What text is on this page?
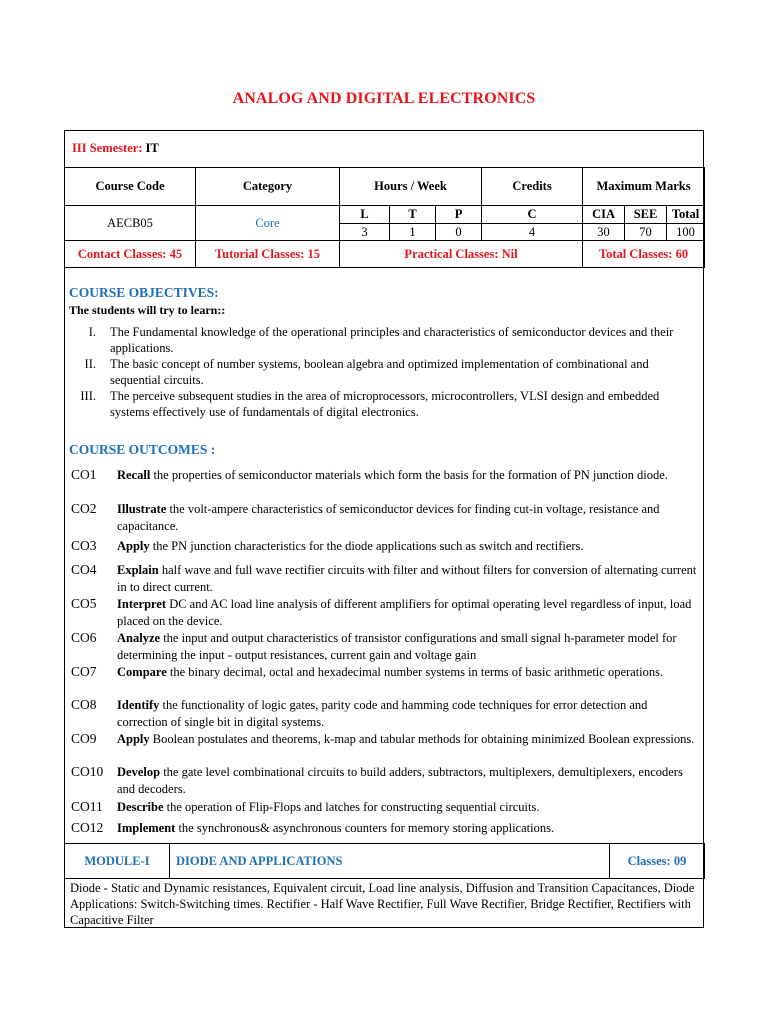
ANALOG AND DIGITAL ELECTRONICS
III Semester: IT
Course Code	Category	Hours / Week			Credits	Maximum Marks		
AECB05	Core	L	T	P	C	CIA	SEE	Total
		3	1	0	4	30	70	100
Contact Classes: 45	Tutorial Classes: 15	Practical Classes: Nil				Total Classes: 60		
COURSE OBJECTIVES:
The students will try to learn::
I. The Fundamental knowledge of the operational principles and characteristics of semiconductor devices and their applications.
II. The basic concept of number systems, boolean algebra and optimized implementation of combinational and sequential circuits.
III. The perceive subsequent studies in the area of microprocessors, microcontrollers, VLSI design and embedded systems effectively use of fundamentals of digital electronics.
COURSE OUTCOMES :
CO1	Recall the properties of semiconductor materials which form the basis for the formation of PN junction diode.
CO2	Illustrate the volt-ampere characteristics of semiconductor devices for finding cut-in voltage, resistance and capacitance.
CO3	Apply the PN junction characteristics for the diode applications such as switch and rectifiers.
CO4	Explain half wave and full wave rectifier circuits with filter and without filters for conversion of alternating current in to direct current.
CO5	Interpret DC and AC load line analysis of different amplifiers for optimal operating level regardless of input, load placed on the device.
CO6	Analyze the input and output characteristics of transistor configurations and small signal h-parameter model for determining the input - output resistances, current gain and voltage gain
CO7	Compare the binary decimal, octal and hexadecimal number systems in terms of basic arithmetic operations.
CO8	Identify the functionality of logic gates, parity code and hamming code techniques for error detection and correction of single bit in digital systems.
CO9	Apply Boolean postulates and theorems, k-map and tabular methods for obtaining minimized Boolean expressions.
CO10	Develop the gate level combinational circuits to build adders, subtractors, multiplexers, demultiplexers, encoders and decoders.
CO11	Describe the operation of Flip-Flops and latches for constructing sequential circuits.
CO12	Implement the synchronous& asynchronous counters for memory storing applications.
MODULE-I	DIODE AND APPLICATIONS	Classes: 09
Diode - Static and Dynamic resistances, Equivalent circuit, Load line analysis, Diffusion and Transition Capacitances, Diode Applications: Switch-Switching times. Rectifier - Half Wave Rectifier, Full Wave Rectifier, Bridge Rectifier, Rectifiers with Capacitive Filter
